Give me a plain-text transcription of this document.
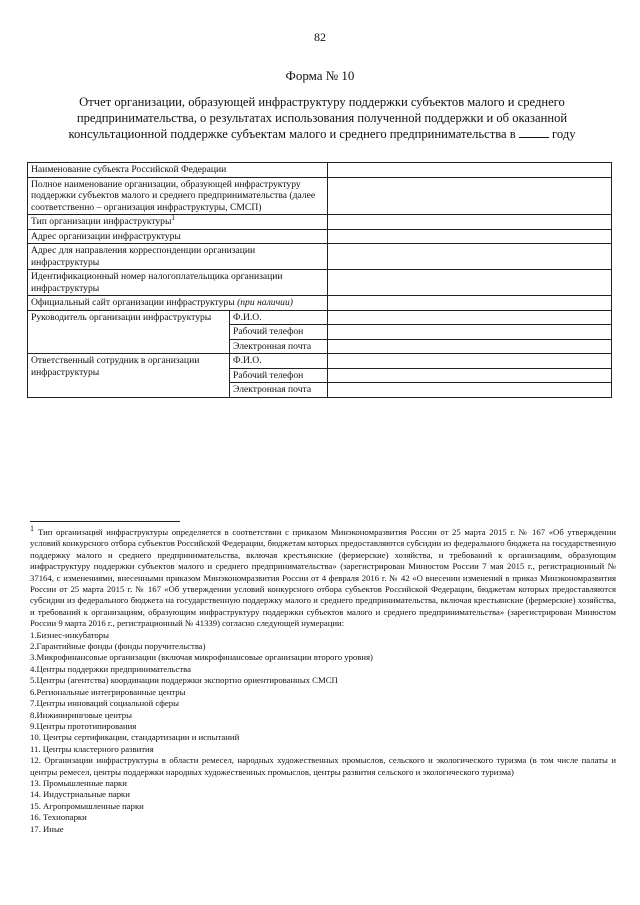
82
Форма № 10
Отчет организации, образующей инфраструктуру поддержки субъектов малого и среднего предпринимательства, о результатах использования полученной поддержки и об оказанной консультационной поддержке субъектам малого и среднего предпринимательства в	году
Наименование субъекта Российской Федерации		
Полное наименование организации, образующей инфраструктуру поддержки субъектов малого и среднего предпринимательства (далее соответственно – организация инфраструктуры, СМСП)		
Тип организации инфраструктуры$^1$	
Адрес организации инфраструктуры		
Адрес для направления корреспонденции организации инфраструктуры		
Идентификационный номер налогоплательщика организации инфраструктуры		
Официальный сайт организации инфраструктуры (при наличии)		
Руководитель организации инфраструктуры	Ф.И.О.	
	Рабочий телефон	
	Электронная почта	
Ответственный сотрудник в организации инфраструктуры	Ф.И.О.	
	Рабочий телефон	
	Электронная почта	

1 Тип организаций инфраструктуры определяется в соответствии с приказом Минэкономразвития России от 25 марта 2015 г. № 167 «Об утверждении условий конкурсного отбора субъектов Российской Федерации, бюджетам которых предоставляются субсидии из федерального бюджета на государственную поддержку малого и среднего предпринимательства, включая крестьянские (фермерские) хозяйства, и требований к организациям, образующим инфраструктуру поддержки субъектов малого и среднего предпринимательства» (зарегистрирован Минюстом России 7 мая 2015 г., регистрационный № 37164, с изменениями, внесенными приказом Минэкономразвития России от 4 февраля 2016 г. № 42 «О внесении изменений в приказ Минэкономразвития России от 25 марта 2015 г. № 167 «Об утверждении условий конкурсного отбора субъектов Российской Федерации, бюджетам которых предоставляются субсидии из федерального бюджета на государственную поддержку малого и среднего предпринимательства, включая крестьянские (фермерские) хозяйства, и требований к организациям, образующим инфраструктуру поддержки субъектов малого и среднего предпринимательства» (зарегистрирован Минюстом России 9 марта 2016 г., регистрационный № 41339) согласно следующей нумерации:

1.Бизнес-инкубаторы
2.Гарантийные фонды (фонды поручительства)
3.Микрофинансовые организации (включая микрофинансовые организации второго уровня)
4.Центры поддержки предпринимательства
5.Центры (агентства) координации поддержки экспортно ориентированных СМСП
6.Региональные интегрированные центры
7.Центры инноваций социальной сферы
8.Инжиниринговые центры
9.Центры прототипирования
10. Центры сертификации, стандартизации и испытаний
11. Центры кластерного развития
12. Организации инфраструктуры в области ремесел, народных художественных промыслов, сельского и экологического туризма (в том числе палаты и центры ремесел, центры поддержки народных художественных промыслов, центры развития сельского и экологического туризма)
13. Промышленные парки
14. Индустриальные парки
15. Агропромышленные парки
16. Технопарки
17. Иные
